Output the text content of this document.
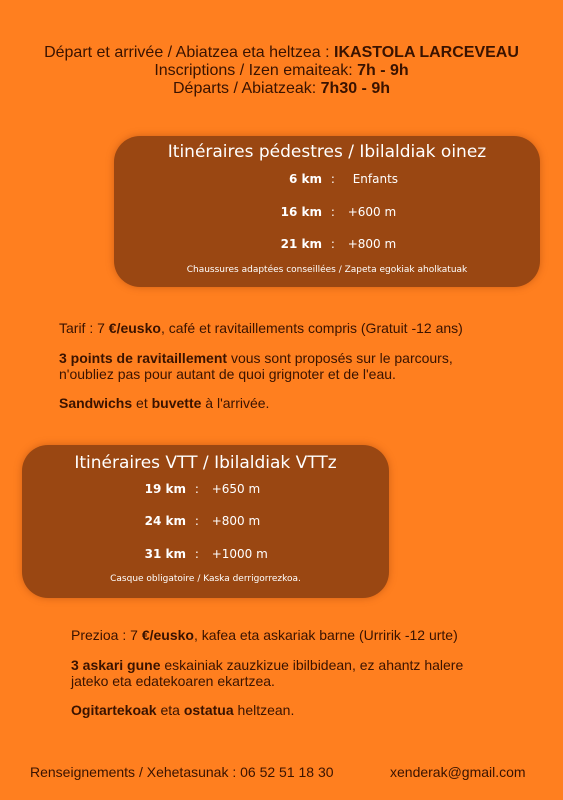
Départ et arrivée / Abiatzea eta heltzea : IKASTOLA LARCEVEAU
Inscriptions / Izen emaiteak: 7h - 9h
Départs / Abiatzeak: 7h30 - 9h
Itinéraires pédestres / Ibilaldiak oinez
6 km : Enfants
16 km : +600 m
21 km : +800 m
Chaussures adaptées conseillées / Zapeta egokiak aholkatuak
Tarif : 7 €/eusko, café et ravitaillements compris (Gratuit -12 ans)
3 points de ravitaillement vous sont proposés sur le parcours,
n'oubliez pas pour autant de quoi grignoter et de l'eau.
Sandwichs et buvette à l'arrivée.
Itinéraires VTT / Ibilaldiak VTTz
19 km : +650 m
24 km : +800 m
31 km : +1000 m
Casque obligatoire / Kaska derrigorrezkoa.
Prezioa : 7 €/eusko, kafea eta askariak barne (Urririk -12 urte)
3 askari gune eskainiak zauzkizue ibilbidean, ez ahantz halere
jateko eta edatekoaren ekartzea.
Ogitartekoak eta ostatua heltzean.
Renseignements / Xehetasunak : 06 52 51 18 30	xenderak@gmail.com
